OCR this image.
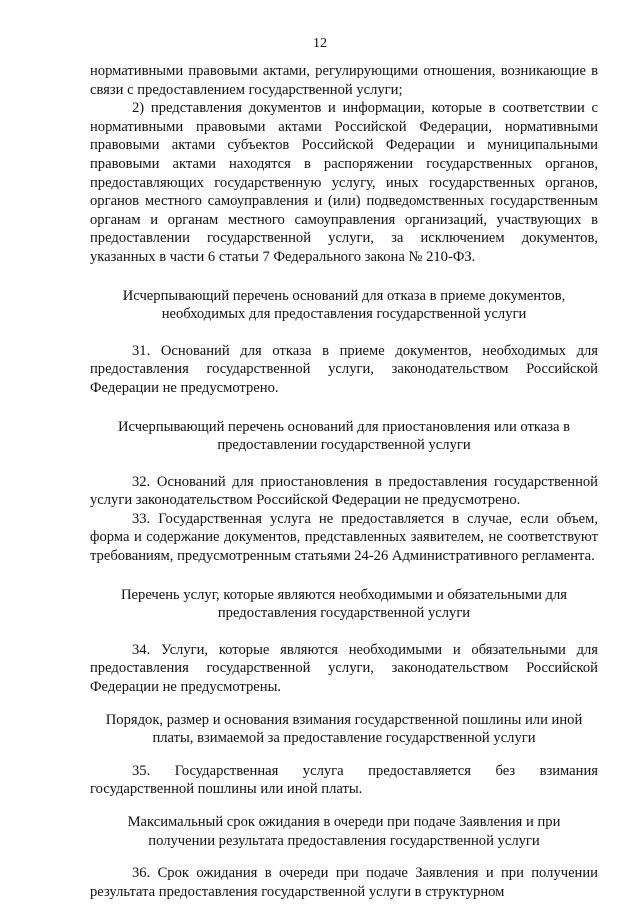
12

нормативными правовыми актами, регулирующими отношения, возникающие в связи с предоставлением государственной услуги;

2) представления документов и информации, которые в соответствии с нормативными правовыми актами Российской Федерации, нормативными правовыми актами субъектов Российской Федерации и муниципальными правовыми актами находятся в распоряжении государственных органов, предоставляющих государственную услугу, иных государственных органов, органов местного самоуправления и (или) подведомственных государственным органам и органам местного самоуправления организаций, участвующих в предоставлении государственной услуги, за исключением документов, указанных в части 6 статьи 7 Федерального закона № 210-ФЗ.

Исчерпывающий перечень оснований для отказа в приеме документов, необходимых для предоставления государственной услуги

31. Оснований для отказа в приеме документов, необходимых для предоставления государственной услуги, законодательством Российской Федерации не предусмотрено.

Исчерпывающий перечень оснований для приостановления или отказа в предоставлении государственной услуги

32. Оснований для приостановления в предоставления государственной услуги законодательством Российской Федерации не предусмотрено.

33. Государственная услуга не предоставляется в случае, если объем, форма и содержание документов, представленных заявителем, не соответствуют требованиям, предусмотренным статьями 24-26 Административного регламента.

Перечень услуг, которые являются необходимыми и обязательными для предоставления государственной услуги

34. Услуги, которые являются необходимыми и обязательными для предоставления государственной услуги, законодательством Российской Федерации не предусмотрены.

Порядок, размер и основания взимания государственной пошлины или иной платы, взимаемой за предоставление государственной услуги

35. Государственная услуга предоставляется без взимания государственной пошлины или иной платы.

Максимальный срок ожидания в очереди при подаче Заявления и при получении результата предоставления государственной услуги

36. Срок ожидания в очереди при подаче Заявления и при получении результата предоставления государственной услуги в структурном
